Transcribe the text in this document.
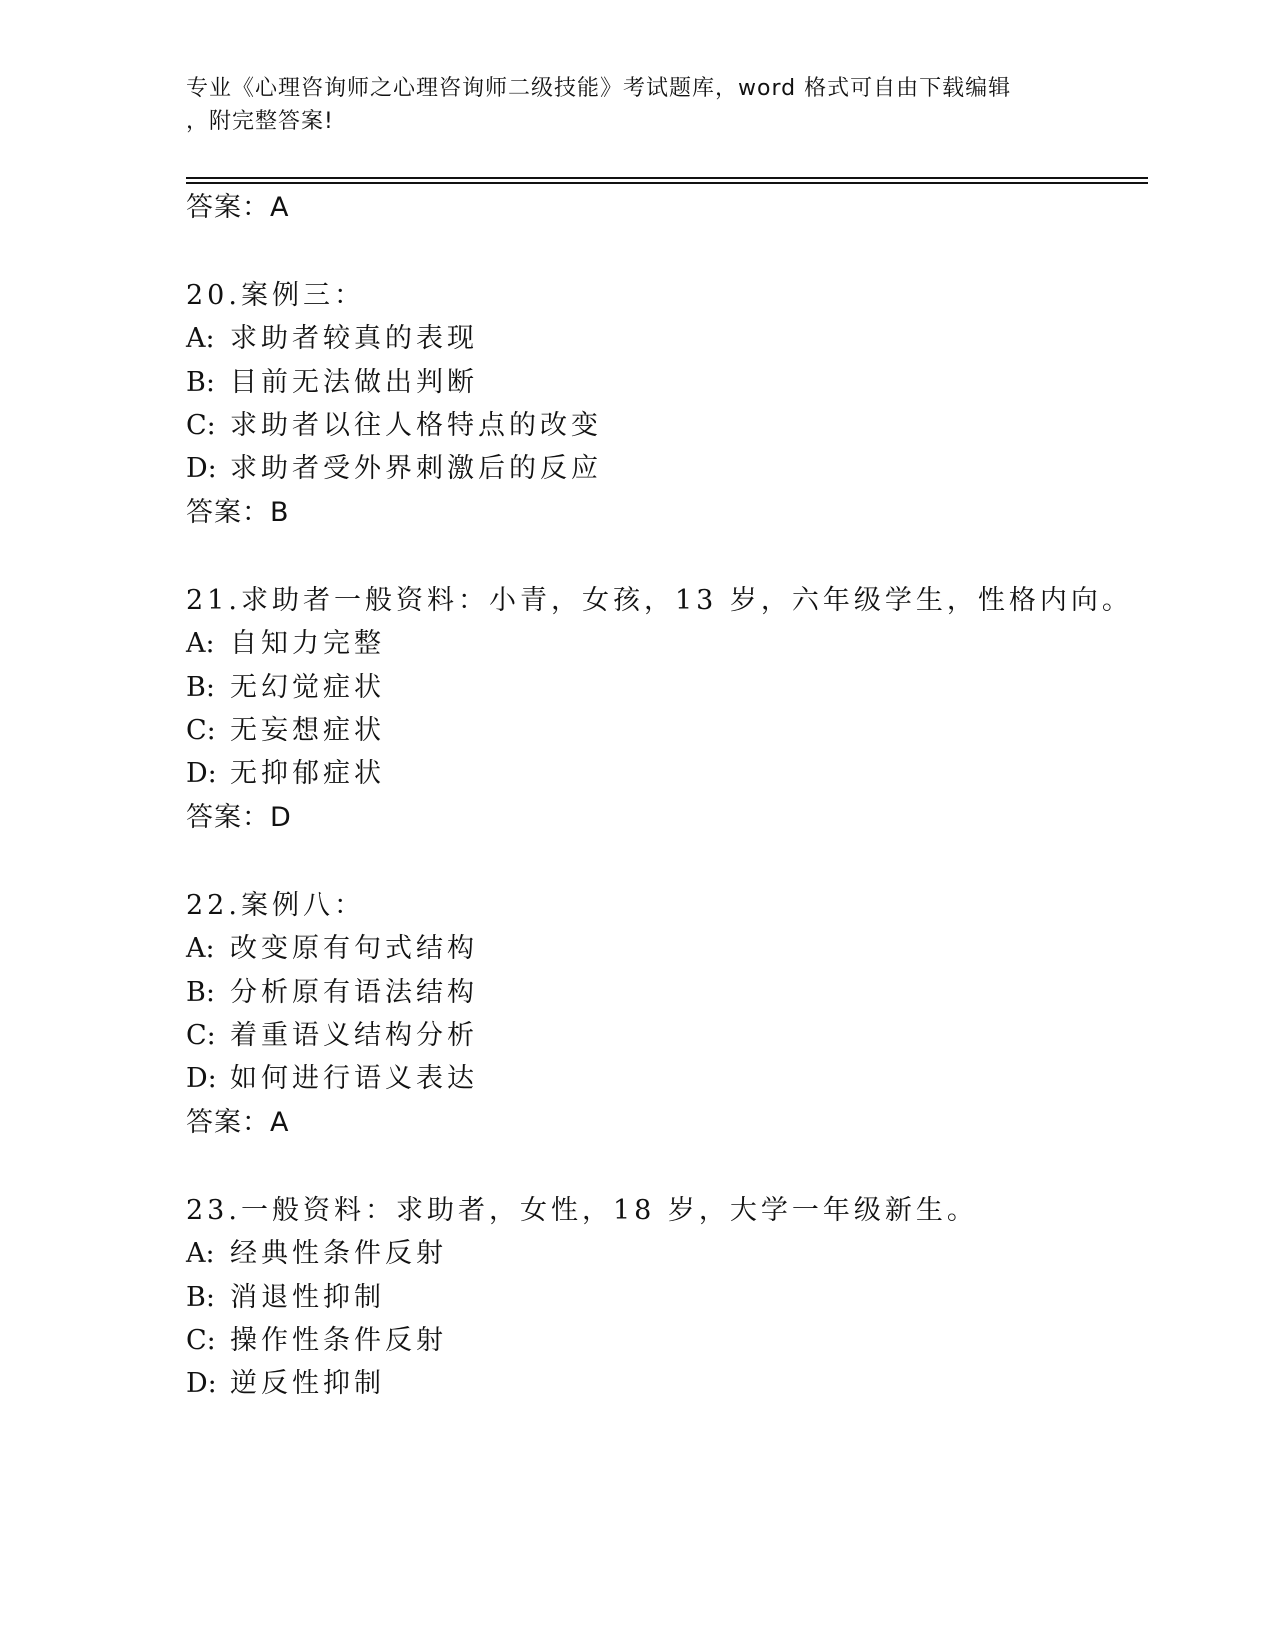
专业《心理咨询师之心理咨询师二级技能》考试题库，word 格式可自由下载编辑
，附完整答案!
答案：A
20.案例三：
A: 求助者较真的表现
B: 目前无法做出判断
C: 求助者以往人格特点的改变
D: 求助者受外界刺激后的反应
答案：B
21.求助者一般资料：小青，女孩，13 岁，六年级学生，性格内向。
A: 自知力完整
B: 无幻觉症状
C: 无妄想症状
D: 无抑郁症状
答案：D
22.案例八：
A: 改变原有句式结构
B: 分析原有语法结构
C: 着重语义结构分析
D: 如何进行语义表达
答案：A
23.一般资料：求助者，女性，18 岁，大学一年级新生。
A: 经典性条件反射
B: 消退性抑制
C: 操作性条件反射
D: 逆反性抑制
